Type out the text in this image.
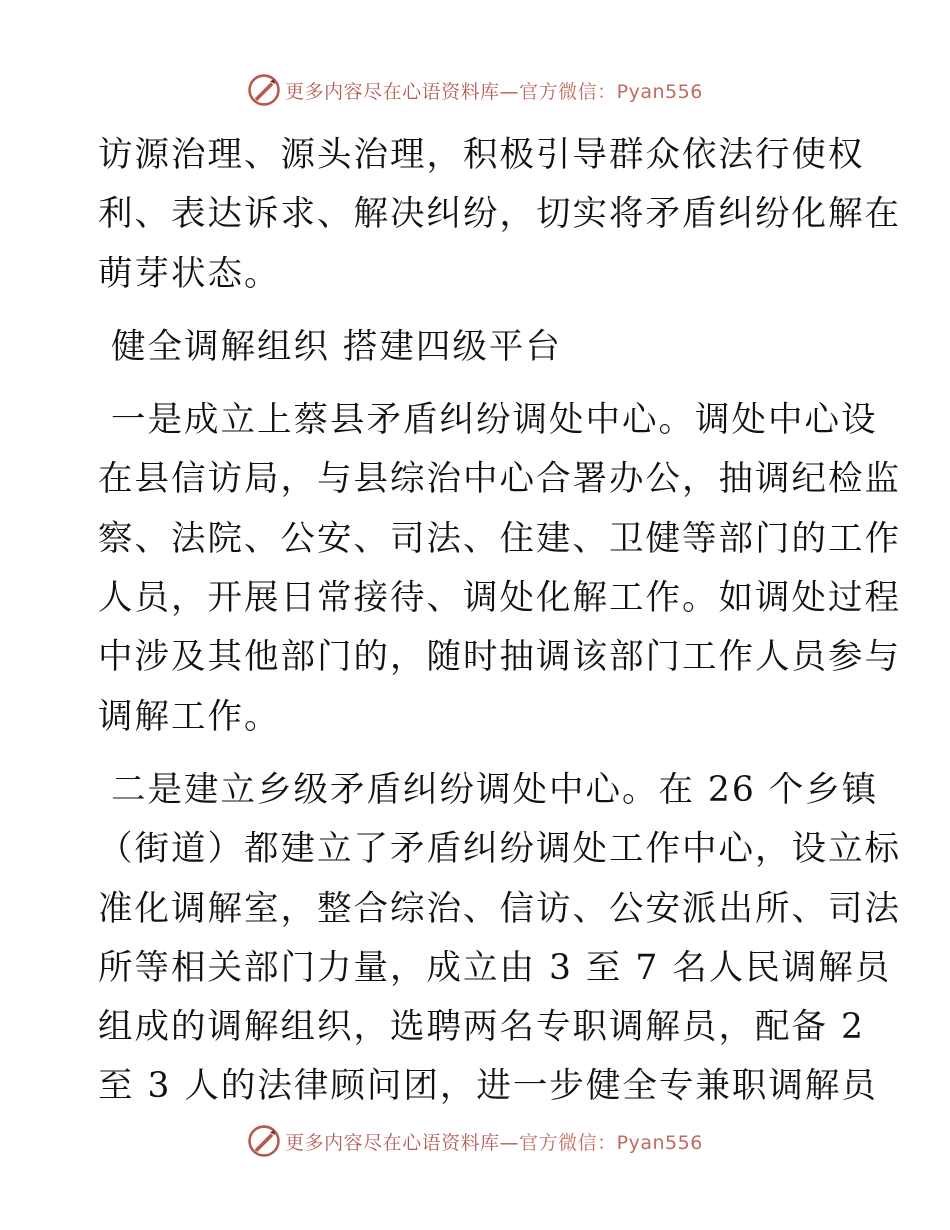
更多内容尽在心语资料库— 官方微信：Pyan556

访源治理、源头治理，积极引导群众依法行使权

利、表达诉求、解决纠纷，切实将矛盾纠纷化解在

萌芽状态。

健全调解组织 搭建四级平台

一是成立上蔡县矛盾纠纷调处中心。调处中心设

在县信访局，与县综治中心合署办公，抽调纪检监

察、法院、公安、司法、住建、卫健等部门的工作

人员，开展日常接待、调处化解工作。如调处过程

中涉及其他部门的，随时抽调该部门工作人员参与

调解工作。

二是建立乡级矛盾纠纷调处中心。在 26 个乡镇

（街道）都建立了矛盾纠纷调处工作中心，设立标

准化调解室，整合综治、信访、公安派出所、司法

所等相关部门力量，成立由 3 至 7 名人民调解员

组成的调解组织，选聘两名专职调解员，配备 2

至 3 人的法律顾问团，进一步健全专兼职调解员

更多内容尽在心语资料库— 官方微信：Pyan556
